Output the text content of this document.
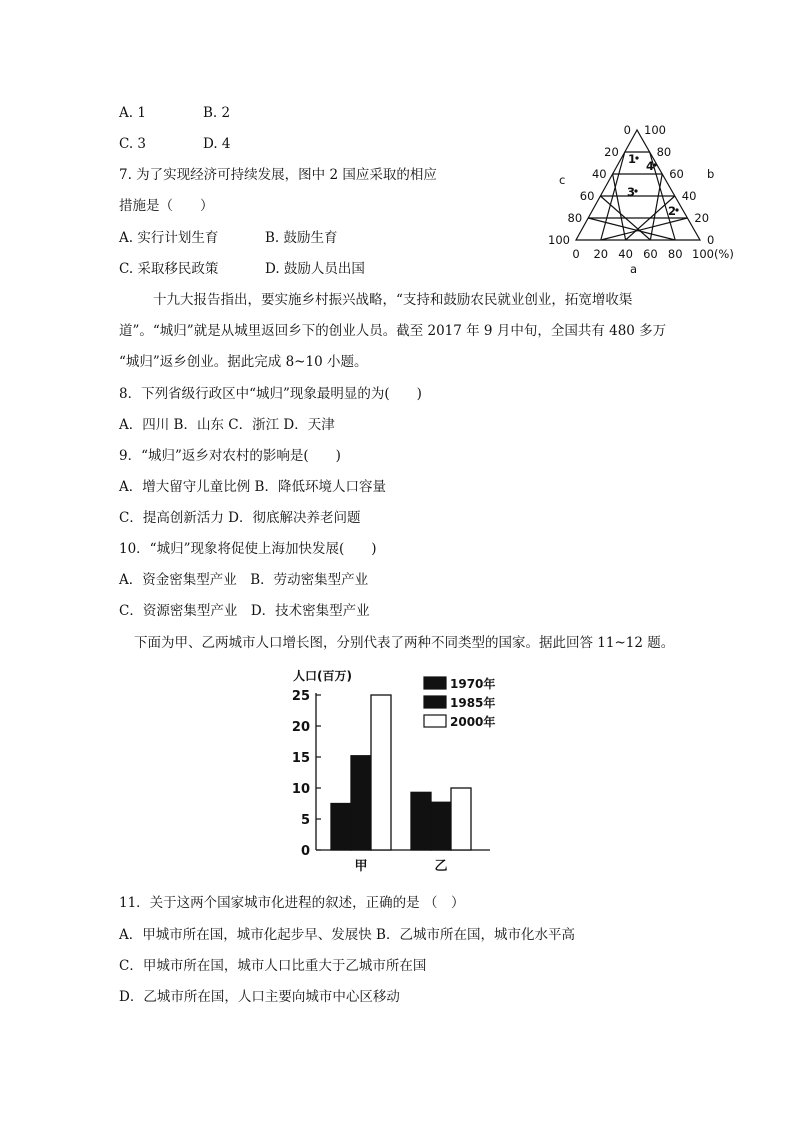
A. 1	B. 2
C. 3	D. 4
7. 为了实现经济可持续发展，图中 2 国应采取的相应
措施是（　　）
A. 实行计划生育	B. 鼓励生育
C. 采取移民政策	D. 鼓励人员出国
0
20
40
60
80
100
100
80
60
40
20
0
0 20 40 60 80 100(%)
c	b
a
1
2
3
4
十九大报告指出，要实施乡村振兴战略，“支持和鼓励农民就业创业，拓宽增收渠
道”。“城归”就是从城里返回乡下的创业人员。截至 2017 年 9 月中旬，全国共有 480 多万
“城归”返乡创业。据此完成 8~10 小题。
8．下列省级行政区中“城归”现象最明显的为(　　)
A．四川 B．山东 C．浙江 D．天津
9．“城归”返乡对农村的影响是(　　)
A．增大留守儿童比例 B．降低环境人口容量
C．提高创新活力 D．彻底解决养老问题
10．“城归”现象将促使上海加快发展(　　)
A．资金密集型产业　B．劳动密集型产业
C．资源密集型产业　D．技术密集型产业
下面为甲、乙两城市人口增长图，分别代表了两种不同类型的国家。据此回答 11~12 题。
人口(百万)
0
5
10
15
20
25
甲	乙
1970年
1985年
2000年
11．关于这两个国家城市化进程的叙述，正确的是 （　）
A．甲城市所在国，城市化起步早、发展快 B．乙城市所在国，城市化水平高
C．甲城市所在国，城市人口比重大于乙城市所在国
D．乙城市所在国，人口主要向城市中心区移动
